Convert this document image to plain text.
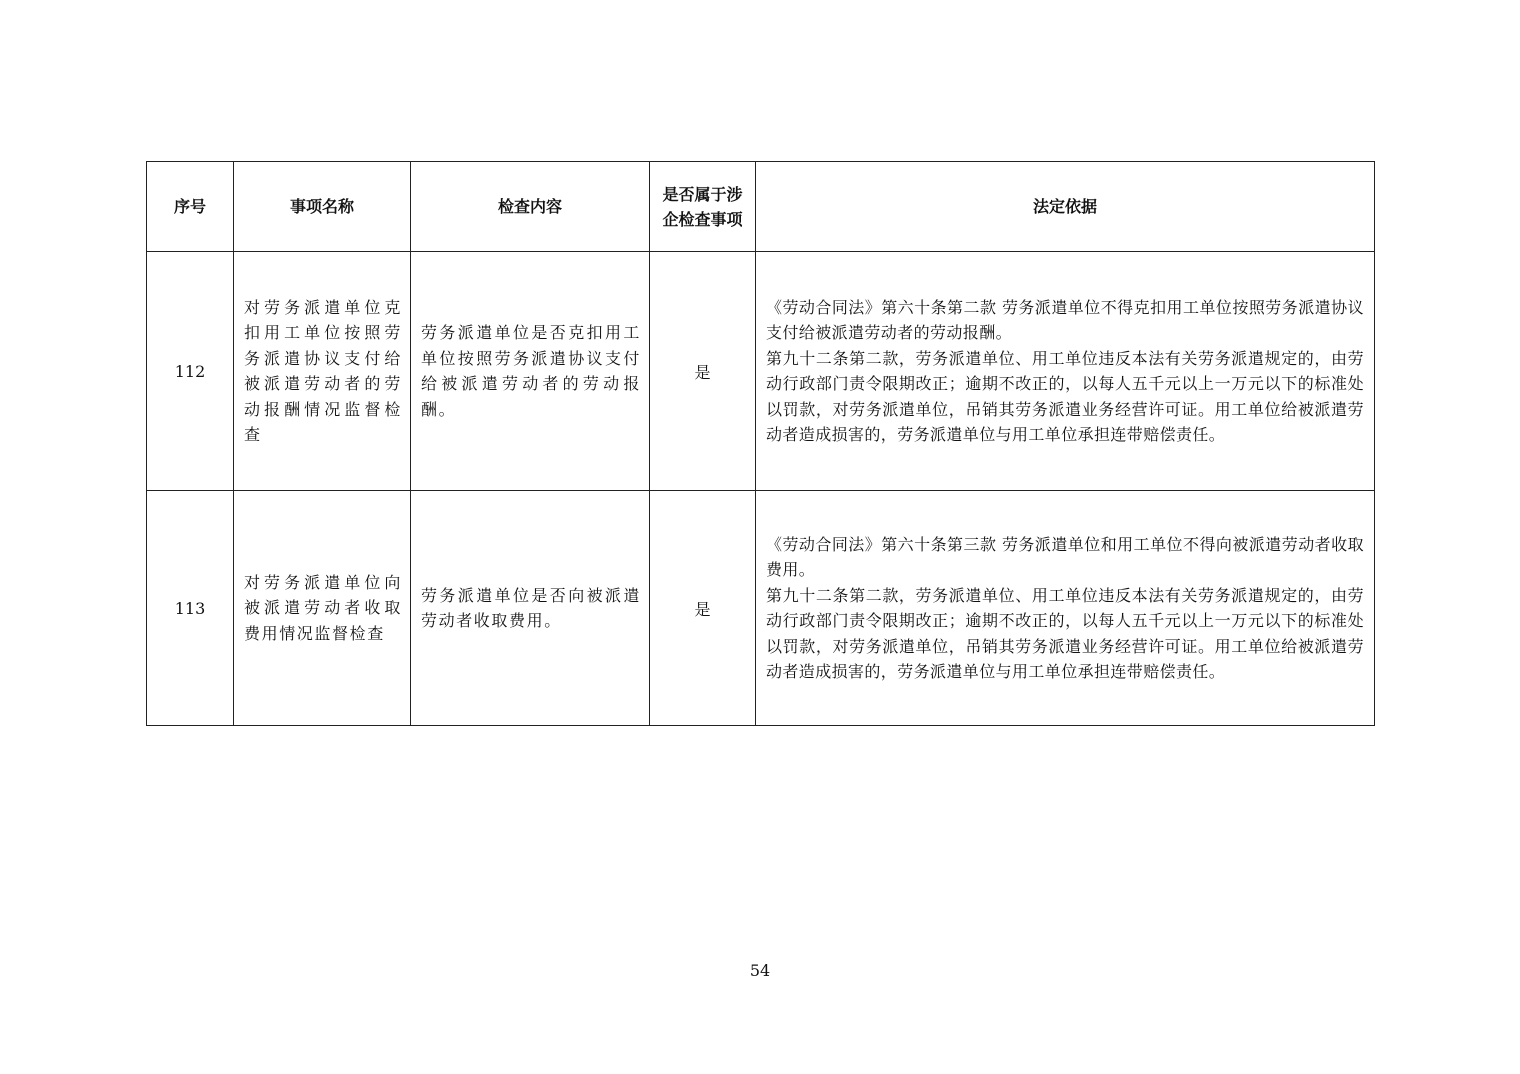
序号	事项名称	检查内容	是否属于涉企检查事项	法定依据
112	对劳务派遣单位克扣用工单位按照劳务派遣协议支付给被派遣劳动者的劳动报酬情况监督检查	劳务派遣单位是否克扣用工单位按照劳务派遣协议支付给被派遣劳动者的劳动报酬。	是	《劳动合同法》第六十条第二款 劳务派遣单位不得克扣用工单位按照劳务派遣协议支付给被派遣劳动者的劳动报酬。
第九十二条第二款，劳务派遣单位、用工单位违反本法有关劳务派遣规定的，由劳动行政部门责令限期改正；逾期不改正的，以每人五千元以上一万元以下的标准处以罚款，对劳务派遣单位，吊销其劳务派遣业务经营许可证。用工单位给被派遣劳动者造成损害的，劳务派遣单位与用工单位承担连带赔偿责任。

113	对劳务派遣单位向被派遣劳动者收取费用情况监督检查	劳务派遣单位是否向被派遣劳动者收取费用。	是	《劳动合同法》第六十条第三款 劳务派遣单位和用工单位不得向被派遣劳动者收取费用。
第九十二条第二款，劳务派遣单位、用工单位违反本法有关劳务派遣规定的，由劳动行政部门责令限期改正；逾期不改正的，以每人五千元以上一万元以下的标准处以罚款，对劳务派遣单位，吊销其劳务派遣业务经营许可证。用工单位给被派遣劳动者造成损害的，劳务派遣单位与用工单位承担连带赔偿责任。
54
